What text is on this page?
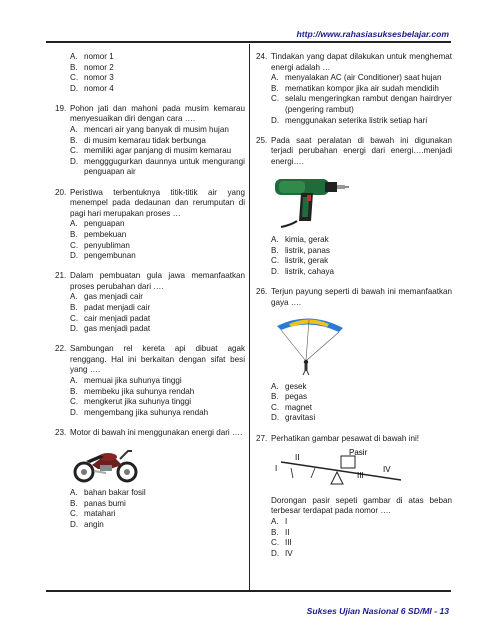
http://www.rahasiasuksesbelajar.com
Sukses Ujian Nasional 6 SD/MI - 13
A. nomor 1
B. nomor 2
C. nomor 3
D. nomor 4
19. Pohon jati dan mahoni pada musim kemarau menyesuaikan diri dengan cara ….
A. mencari air yang banyak di musim hujan
B. di musim kemarau tidak berbunga
C. memiliki agar panjang di musim kemarau
D. mengggugurkan daunnya untuk mengurangi penguapan air
20. Peristiwa terbentuknya titik-titik air yang menempel pada dedaunan dan rerumputan di pagi hari merupakan proses …
A. penguapan
B. pembekuan
C. penyubliman
D. pengembunan
21. Dalam pembuatan gula jawa memanfaatkan proses perubahan dari ….
A. gas menjadi cair
B. padat menjadi cair
C. cair menjadi padat
D. gas menjadi padat
22. Sambungan rel kereta api dibuat agak renggang. Hal ini berkaitan dengan sifat besi yang ….
A. memuai jika suhunya tinggi
B. membeku jika suhunya rendah
C. mengkerut jika suhunya tinggi
D. mengembang jika suhunya rendah
23. Motor di bawah ini menggunakan energi dari ….
A. bahan bakar fosil
B. panas bumi
C. matahari
D. angin
24. Tindakan yang dapat dilakukan untuk menghemat energi adalah …
A. menyalakan AC (air Conditioner) saat hujan
B. mematikan kompor jika air sudah mendidih
C. selalu mengeringkan rambut dengan hairdryer (pengering rambut)
D. menggunakan seterika listrik setiap hari
25. Pada saat peralatan di bawah ini digunakan terjadi perubahan energi dari energi….menjadi energi….
A. kimia, gerak
B. listrik, panas
C. listrik, gerak
D. listrik, cahaya
26. Terjun payung seperti di bawah ini memanfaatkan gaya ….
A. gesek
B. pegas
C. magnet
D. gravitasi
27. Perhatikan gambar pesawat di bawah ini!
Pasir
I
II
III
IV
Dorongan pasir sepeti gambar di atas beban terbesar terdapat pada nomor ….
A. I
B. II
C. III
D. IV
